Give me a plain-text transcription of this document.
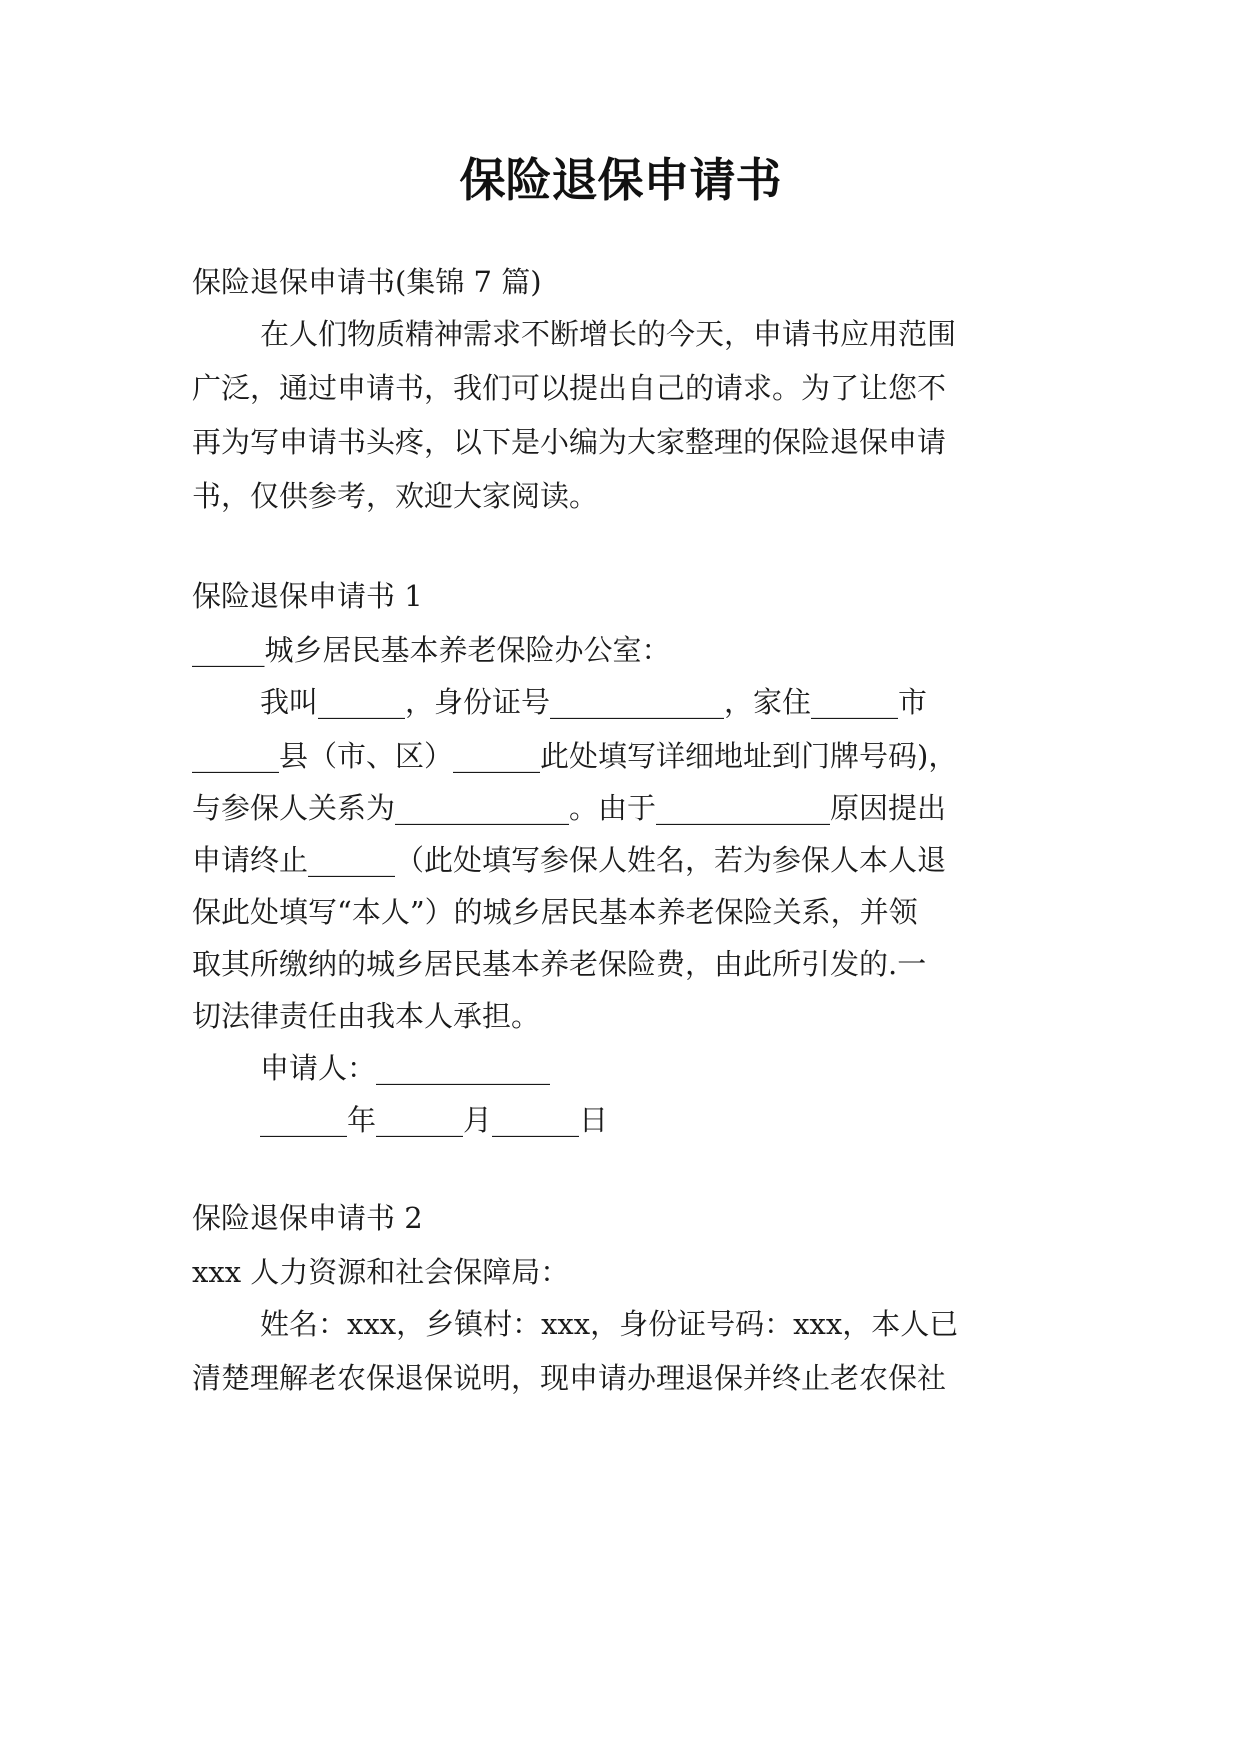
保险退保申请书
保险退保申请书(集锦 7 篇)
在人们物质精神需求不断增长的今天，申请书应用范围
广泛，通过申请书，我们可以提出自己的请求。为了让您不
再为写申请书头疼，以下是小编为大家整理的保险退保申请
书，仅供参考，欢迎大家阅读。
保险退保申请书 1
_____城乡居民基本养老保险办公室：
我叫______，身份证号____________，家住______市
______县（市、区）______此处填写详细地址到门牌号码)，
与参保人关系为____________。由于____________原因提出
申请终止______（此处填写参保人姓名，若为参保人本人退
保此处填写“本人”）的城乡居民基本养老保险关系，并领
取其所缴纳的城乡居民基本养老保险费，由此所引发的.一
切法律责任由我本人承担。
申请人：____________
______年______月______日
保险退保申请书 2
xxx 人力资源和社会保障局：
姓名：xxx，乡镇村：xxx，身份证号码：xxx，本人已
清楚理解老农保退保说明，现申请办理退保并终止老农保社
